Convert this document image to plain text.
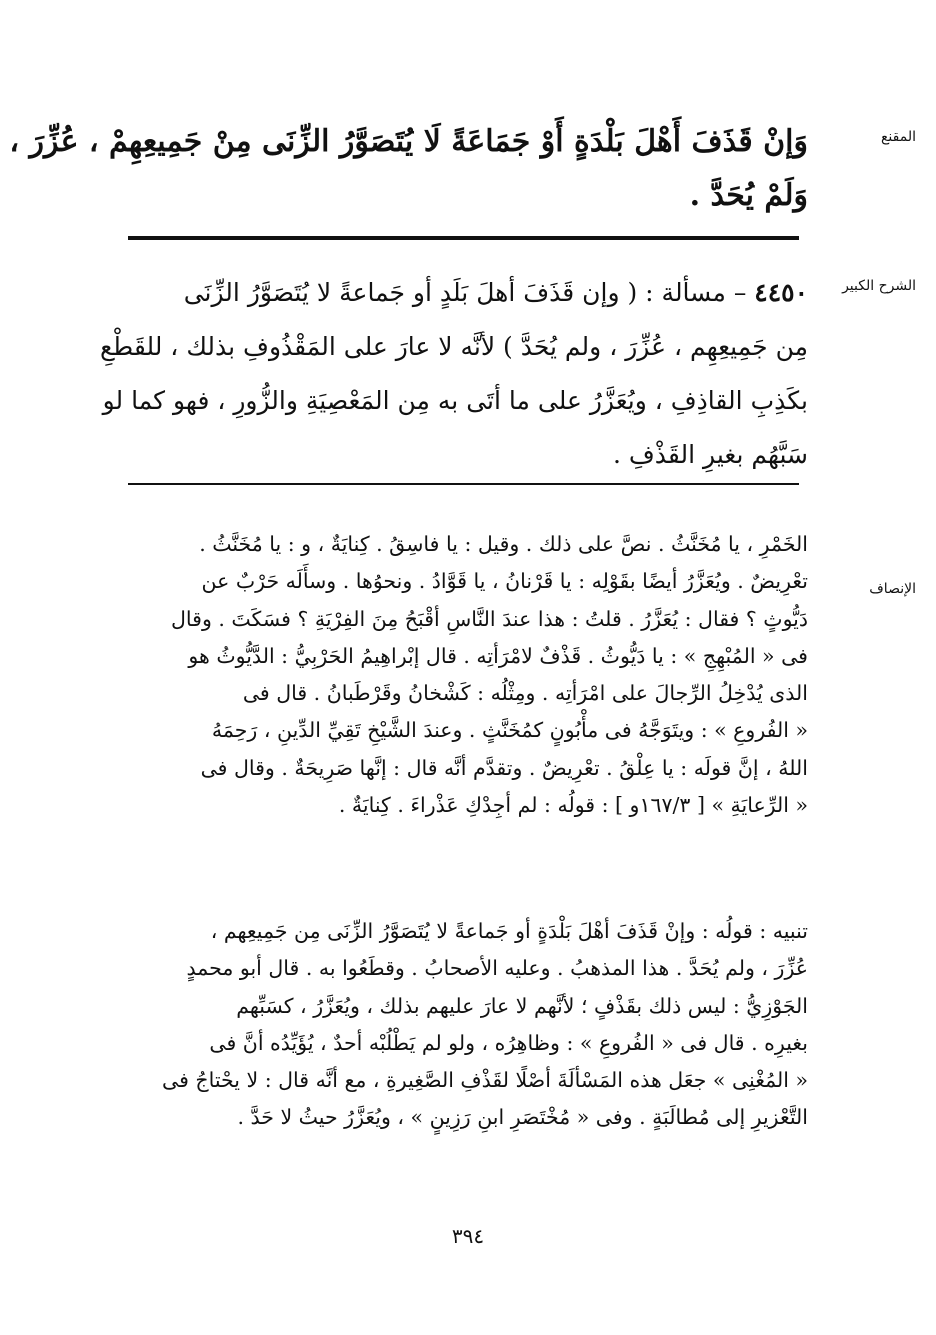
المقنع
وَإنْ قَذَفَ أَهْلَ بَلْدَةٍ أَوْ جَمَاعَةً لَا يُتَصَوَّرُ الزِّنَى مِنْ جَمِيعِهِمْ ، عُزِّرَ ،
وَلَمْ يُحَدَّ .
الشرح الكبير
٤٤٥٠ – مسألة : ( وإن قَذَفَ أهلَ بَلَدٍ أو جَماعةً لا يُتَصَوَّرُ الزِّنَى
مِن جَمِيعِهِم ، عُزِّرَ ، ولم يُحَدَّ ) لأنَّه لا عارَ على المَقْذُوفِ بذلك ، للقَطْعِ
بكَذِبِ القاذِفِ ، ويُعَزَّرُ على ما أتَى به مِن المَعْصِيَةِ والزُّورِ ، فهو كما لو
سَبَّهُم بغيرِ القَذْفِ .
الإنصاف
الخَمْرِ ، يا مُخَنَّثُ . نصَّ على ذلك . وقيل : يا فاسِقُ . كِنايَةٌ ، و : يا مُخَنَّثُ .
تعْرِيضٌ . ويُعَزَّرُ أيضًا بقَوْلِه : يا قَرْنانُ ، يا قَوَّادُ . ونحوُها . وسأَلَه حَرْبٌ عن
دَيُّوثٍ ؟ فقال : يُعَزَّرُ . قلتُ : هذا عندَ النَّاسِ أقْبَحُ مِنَ الفِرْيَةِ ؟ فسَكَتَ . وقال
فى « المُبْهِجِ » : يا دَيُّوثُ . قَذْفٌ لامْرَأتِه . قال إبْراهِيمُ الحَرْبِيُّ : الدَّيُّوثُ هو
الذى يُدْخِلُ الرِّجالَ على امْرَأتِه . ومِثْلُه : كَشْخانُ وقَرْطَبانُ . قال فى
« الفُروعِ » : ويتَوَجَّهُ فى مأْبُونٍ كمُخَنَّثٍ . وعندَ الشَّيْخِ تَقِيِّ الدِّينِ ، رَحِمَهُ
اللهُ ، إنَّ قولَه : يا عِلْقُ . تعْرِيضٌ . وتقدَّم أنَّه قال : إنَّها صَرِيحَةٌ . وقال فى
« الرِّعايَةِ » [ ١٦٧/٣و ] : قولُه : لم أجِدْكِ عَذْراءَ . كِنايَةٌ .
تنبيه : قولُه : وإنْ قَذَفَ أهْلَ بَلْدَةٍ أو جَماعةً لا يُتَصَوَّرُ الزِّنَى مِن جَمِيعِهم ،
عُزِّرَ ، ولم يُحَدَّ . هذا المذهبُ . وعليه الأصحابُ . وقطَعُوا به . قال أبو محمدٍ
الجَوْزِيُّ : ليس ذلك بقَذْفٍ ؛ لأنَّهم لا عارَ عليهم بذلك ، ويُعَزَّرُ ، كسَبِّهم
بغيرِه . قال فى « الفُروعِ » : وظاهِرُه ، ولو لم يَطْلُبْه أحدٌ ، يُؤَيِّدُه أنَّ فى
« المُغْنِى » جعَل هذه المَسْألَةَ أصْلًا لقَذْفِ الصَّغِيرةِ ، مع أنَّه قال : لا يحْتاجُ فى
التَّعْزيرِ إلى مُطالَبَةٍ . وفى « مُخْتَصَرِ ابنِ رَزِينٍ » ، ويُعَزَّرُ حيثُ لا حَدَّ .
٣٩٤
